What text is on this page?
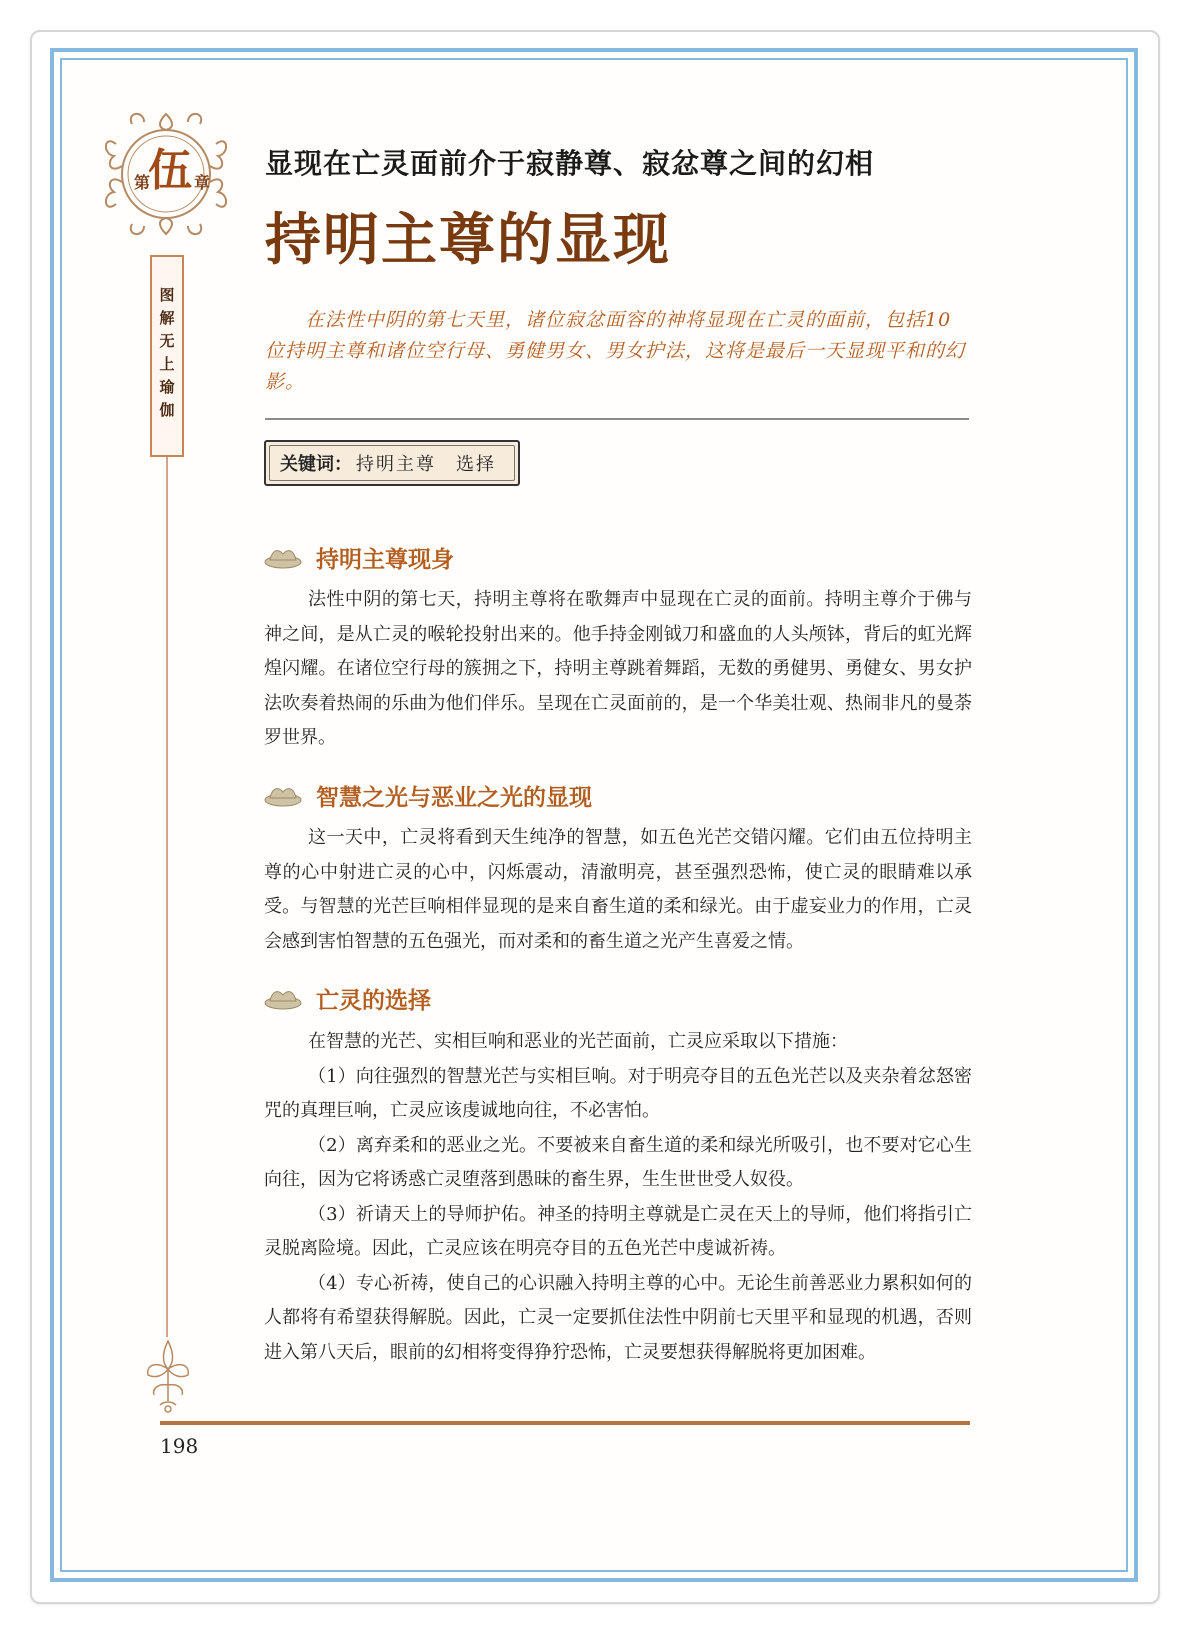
第
伍 章
图解无上瑜伽
显现在亡灵面前介于寂静尊、寂忿尊之间的幻相
持明主尊的显现
在法性中阴的第七天里，诸位寂忿面容的神将显现在亡灵的面前，包括10位持明主尊和诸位空行母、勇健男女、男女护法，这将是最后一天显现平和的幻影。
关键词： 持明主尊　选择
持明主尊现身

法性中阴的第七天，持明主尊将在歌舞声中显现在亡灵的面前。持明主尊介于佛与神之间，是从亡灵的喉轮投射出来的。他手持金刚钺刀和盛血的人头颅钵，背后的虹光辉煌闪耀。在诸位空行母的簇拥之下，持明主尊跳着舞蹈，无数的勇健男、勇健女、男女护法吹奏着热闹的乐曲为他们伴乐。呈现在亡灵面前的，是一个华美壮观、热闹非凡的曼荼罗世界。

智慧之光与恶业之光的显现

这一天中，亡灵将看到天生纯净的智慧，如五色光芒交错闪耀。它们由五位持明主尊的心中射进亡灵的心中，闪烁震动，清澈明亮，甚至强烈恐怖，使亡灵的眼睛难以承受。与智慧的光芒巨响相伴显现的是来自畜生道的柔和绿光。由于虚妄业力的作用，亡灵会感到害怕智慧的五色强光，而对柔和的畜生道之光产生喜爱之情。

亡灵的选择

在智慧的光芒、实相巨响和恶业的光芒面前，亡灵应采取以下措施：

（1）向往强烈的智慧光芒与实相巨响。对于明亮夺目的五色光芒以及夹杂着忿怒密咒的真理巨响，亡灵应该虔诚地向往，不必害怕。

（2）离弃柔和的恶业之光。不要被来自畜生道的柔和绿光所吸引，也不要对它心生向往，因为它将诱惑亡灵堕落到愚昧的畜生界，生生世世受人奴役。

（3）祈请天上的导师护佑。神圣的持明主尊就是亡灵在天上的导师，他们将指引亡灵脱离险境。因此，亡灵应该在明亮夺目的五色光芒中虔诚祈祷。

（4）专心祈祷，使自己的心识融入持明主尊的心中。无论生前善恶业力累积如何的人都将有希望获得解脱。因此，亡灵一定要抓住法性中阴前七天里平和显现的机遇，否则进入第八天后，眼前的幻相将变得狰狞恐怖，亡灵要想获得解脱将更加困难。

198
